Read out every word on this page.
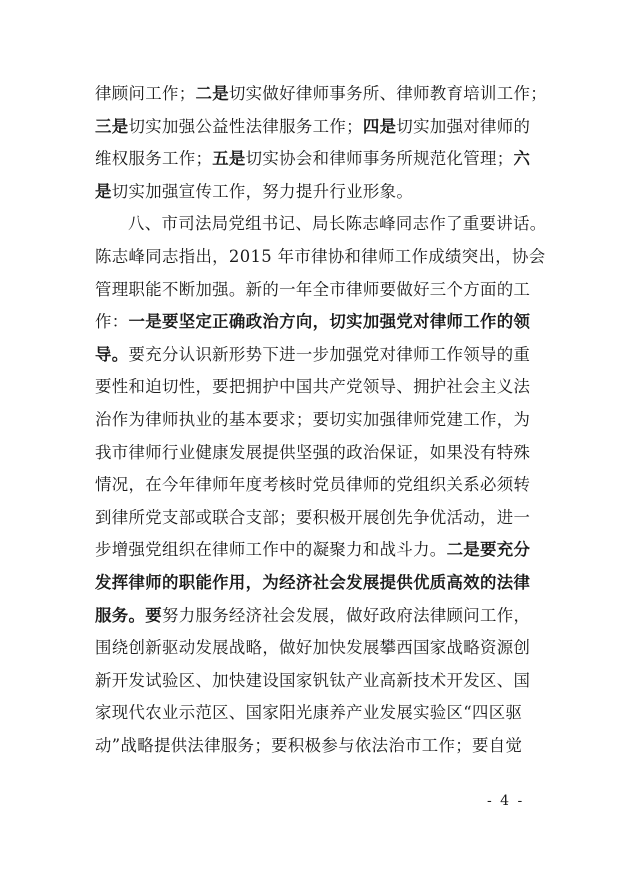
律顾问工作；二是切实做好律师事务所、律师教育培训工作；
三是切实加强公益性法律服务工作；四是切实加强对律师的
维权服务工作；五是切实协会和律师事务所规范化管理；六
是切实加强宣传工作，努力提升行业形象。
八、市司法局党组书记、局长陈志峰同志作了重要讲话。
陈志峰同志指出，2015 年市律协和律师工作成绩突出，协会
管理职能不断加强。新的一年全市律师要做好三个方面的工
作：一是要坚定正确政治方向，切实加强党对律师工作的领
导。要充分认识新形势下进一步加强党对律师工作领导的重
要性和迫切性，要把拥护中国共产党领导、拥护社会主义法
治作为律师执业的基本要求；要切实加强律师党建工作，为
我市律师行业健康发展提供坚强的政治保证，如果没有特殊
情况，在今年律师年度考核时党员律师的党组织关系必须转
到律所党支部或联合支部；要积极开展创先争优活动，进一
步增强党组织在律师工作中的凝聚力和战斗力。二是要充分
发挥律师的职能作用，为经济社会发展提供优质高效的法律
服务。要努力服务经济社会发展，做好政府法律顾问工作，
围绕创新驱动发展战略，做好加快发展攀西国家战略资源创
新开发试验区、加快建设国家钒钛产业高新技术开发区、国
家现代农业示范区、国家阳光康养产业发展实验区“四区驱
动”战略提供法律服务；要积极参与依法治市工作；要自觉
- 4 -
